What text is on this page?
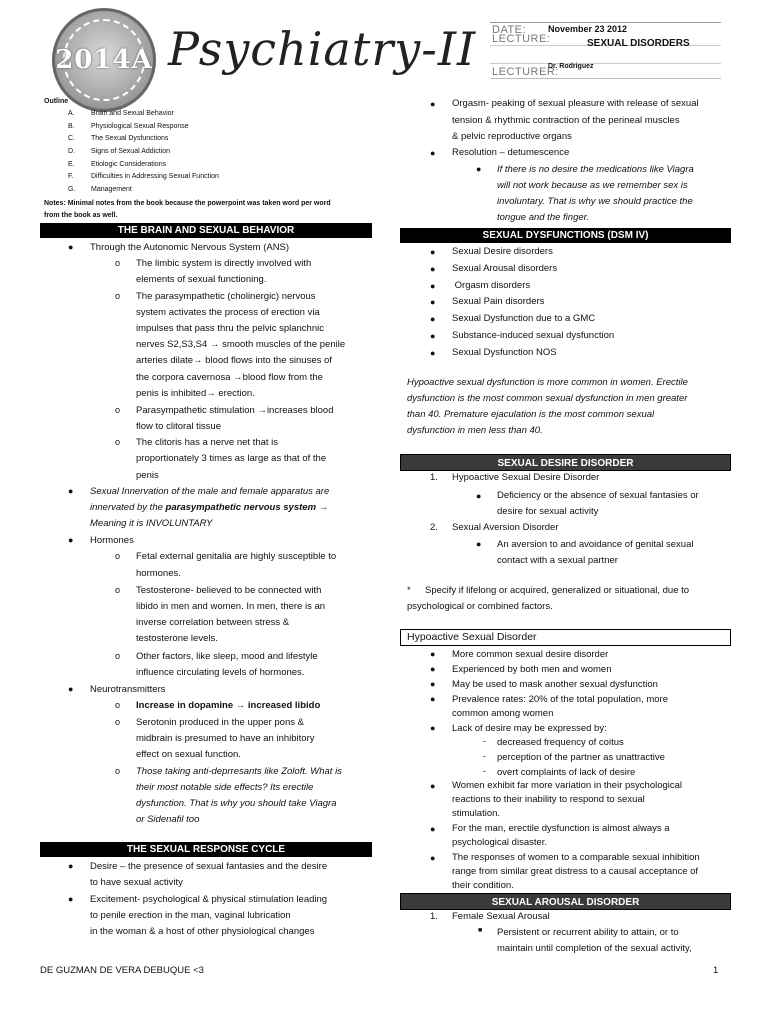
2014A Psychiatry-II DATE: November 23 2012
LECTURE:	SEXUAL DISORDERS
LECTURER:
Dr. Rodriguez
Outline
A. Brain and Sexual Behavior
B. Physiological Sexual Response
C. The Sexual Dysfunctions
D. Signs of Sexual Addiction
E. Etiologic Considerations
F.	Difficulties in Addressing Sexual Function
G. Management
Notes: Minimal notes from the book because the powerpoint was taken word per word
from the book as well.
THE BRAIN AND SEXUAL BEHAVIOR
● Through the Autonomic Nervous System (ANS)
o The limbic system is directly involved with
elements of sexual functioning.
o The parasympathetic (cholinergic) nervous
system activates the process of erection via
impulses that pass thru the pelvic splanchnic
nerves S2,S3,S4 → smooth muscles of the penile
arteries dilate→ blood flows into the sinuses of
the corpora cavernosa →blood flow from the
penis is inhibited→ erection.
o Parasympathetic stimulation →increases blood
flow to clitoral tissue
o The clitoris has a nerve net that is
proportionately 3 times as large as that of the
penis
● Sexual Innervation of the male and female apparatus are
innervated by the parasympathetic nervous system →
Meaning it is INVOLUNTARY
● Hormones
o Fetal external genitalia are highly susceptible to
hormones.
o Testosterone- believed to be connected with
libido in men and women. In men, there is an
inverse correlation between stress &
testosterone levels.
o Other factors, like sleep, mood and lifestyle
influence circulating levels of hormones.
● Neurotransmitters
o Increase in dopamine → increased libido
o Serotonin produced in the upper pons &
midbrain is presumed to have an inhibitory
effect on sexual function.
o Those taking anti-deprresants like Zoloft. What is
their most notable side effects? Its erectile
dysfunction. That is why you should take Viagra
or Sidenafil too
THE SEXUAL RESPONSE CYCLE
● Desire – the presence of sexual fantasies and the desire
to have sexual activity
● Excitement- psychological & physical stimulation leading
to penile erection in the man, vaginal lubrication
in the woman & a host of other physiological changes
● Orgasm- peaking of sexual pleasure with release of sexual
tension & rhythmic contraction of the perineal muscles
& pelvic reproductive organs
● Resolution – detumescence
● If there is no desire the medications like Viagra
will not work because as we remember sex is
involuntary. That is why we should practice the
tongue and the finger.
SEXUAL DYSFUNCTIONS (DSM IV)
● Sexual Desire disorders
● Sexual Arousal disorders
● Orgasm disorders
● Sexual Pain disorders
● Sexual Dysfunction due to a GMC
● Substance-induced sexual dysfunction
● Sexual Dysfunction NOS
Hypoactive sexual dysfunction is more common in women. Erectile
dysfunction is the most common sexual dysfunction in men greater
than 40. Premature ejaculation is the most common sexual
dysfunction in men less than 40.
SEXUAL DESIRE DISORDER
1. Hypoactive Sexual Desire Disorder
● Deficiency or the absence of sexual fantasies or
desire for sexual activity
2. Sexual Aversion Disorder
● An aversion to and avoidance of genital sexual
contact with a sexual partner
* Specify if lifelong or acquired, generalized or situational, due to
psychological or combined factors.
Hypoactive Sexual Disorder
● More common sexual desire disorder
● Experienced by both men and women
● May be used to mask another sexual dysfunction
● Prevalence rates: 20% of the total population, more
common among women
● Lack of desire may be expressed by:
- decreased frequency of coitus
- perception of the partner as unattractive
- overt complaints of lack of desire
● Women exhibit far more variation in their psychological
reactions to their inability to respond to sexual
stimulation.
● For the man, erectile dysfunction is almost always a
psychological disaster.
● The responses of women to a comparable sexual inhibition
range from similar great distress to a causal acceptance of
their condition.
SEXUAL AROUSAL DISORDER
1. Female Sexual Arousal
■ Persistent or recurrent ability to attain, or to
maintain until completion of the sexual activity,
DE GUZMAN DE VERA DEBUQUE <3	1
